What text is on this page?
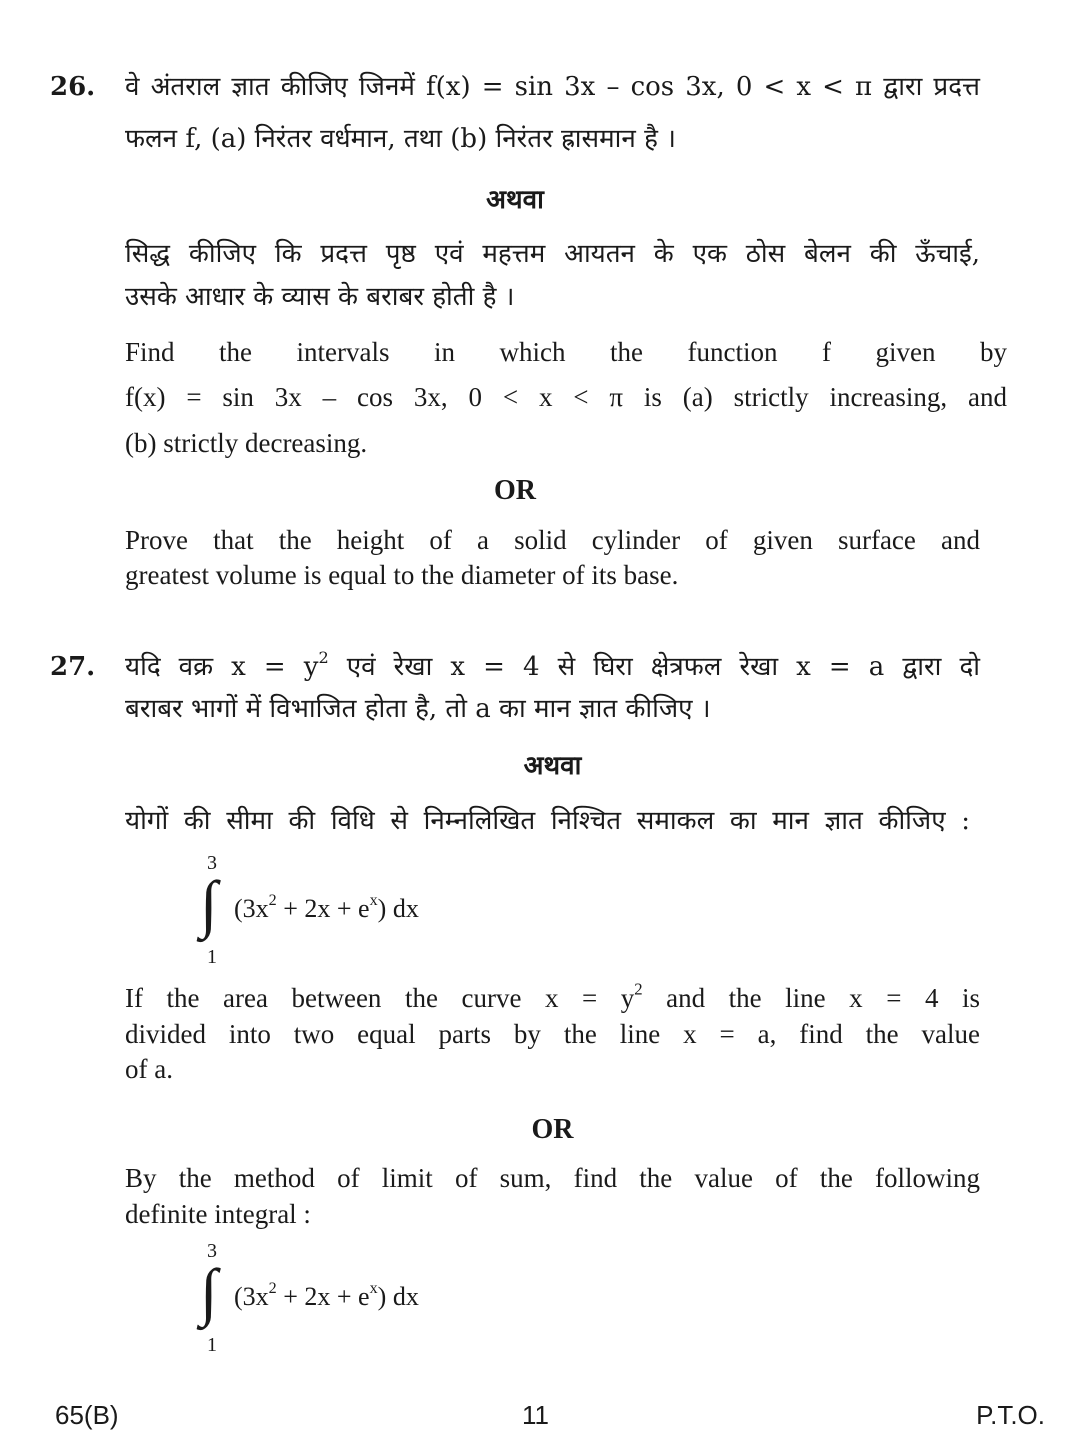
26. वे अंतराल ज्ञात कीजिए जिनमें f(x) = sin 3x – cos 3x, 0 < x < π द्वारा प्रदत्त
फलन f, (a) निरंतर वर्धमान, तथा (b) निरंतर ह्रासमान है ।
अथवा
सिद्ध कीजिए कि प्रदत्त पृष्ठ एवं महत्तम आयतन के एक ठोस बेलन की ऊँचाई,
उसके आधार के व्यास के बराबर होती है ।
Find the intervals in which the function f given by
f(x) = sin 3x – cos 3x, 0 < x < π is (a) strictly increasing, and
(b) strictly decreasing.
OR
Prove that the height of a solid cylinder of given surface and
greatest volume is equal to the diameter of its base.
27. यदि वक्र $x = y^2$ एवं रेखा x = 4 से घिरा क्षेत्रफल रेखा x = a द्वारा दो
बराबर भागों में विभाजित होता है, तो a का मान ज्ञात कीजिए ।
अथवा
योगों की सीमा की विधि से निम्नलिखित निश्चित समाकल का मान ज्ञात कीजिए :
3
∫
1
$(3x^2 + 2x + e^x)$ dx
If the area between the curve $x = y^2$ and the line x = 4 is
divided into two equal parts by the line x = a, find the value
of a.
OR
By the method of limit of sum, find the value of the following
definite integral :
3
∫
1
$(3x^2 + 2x + e^x)$ dx
65(B)	11	P.T.O.
